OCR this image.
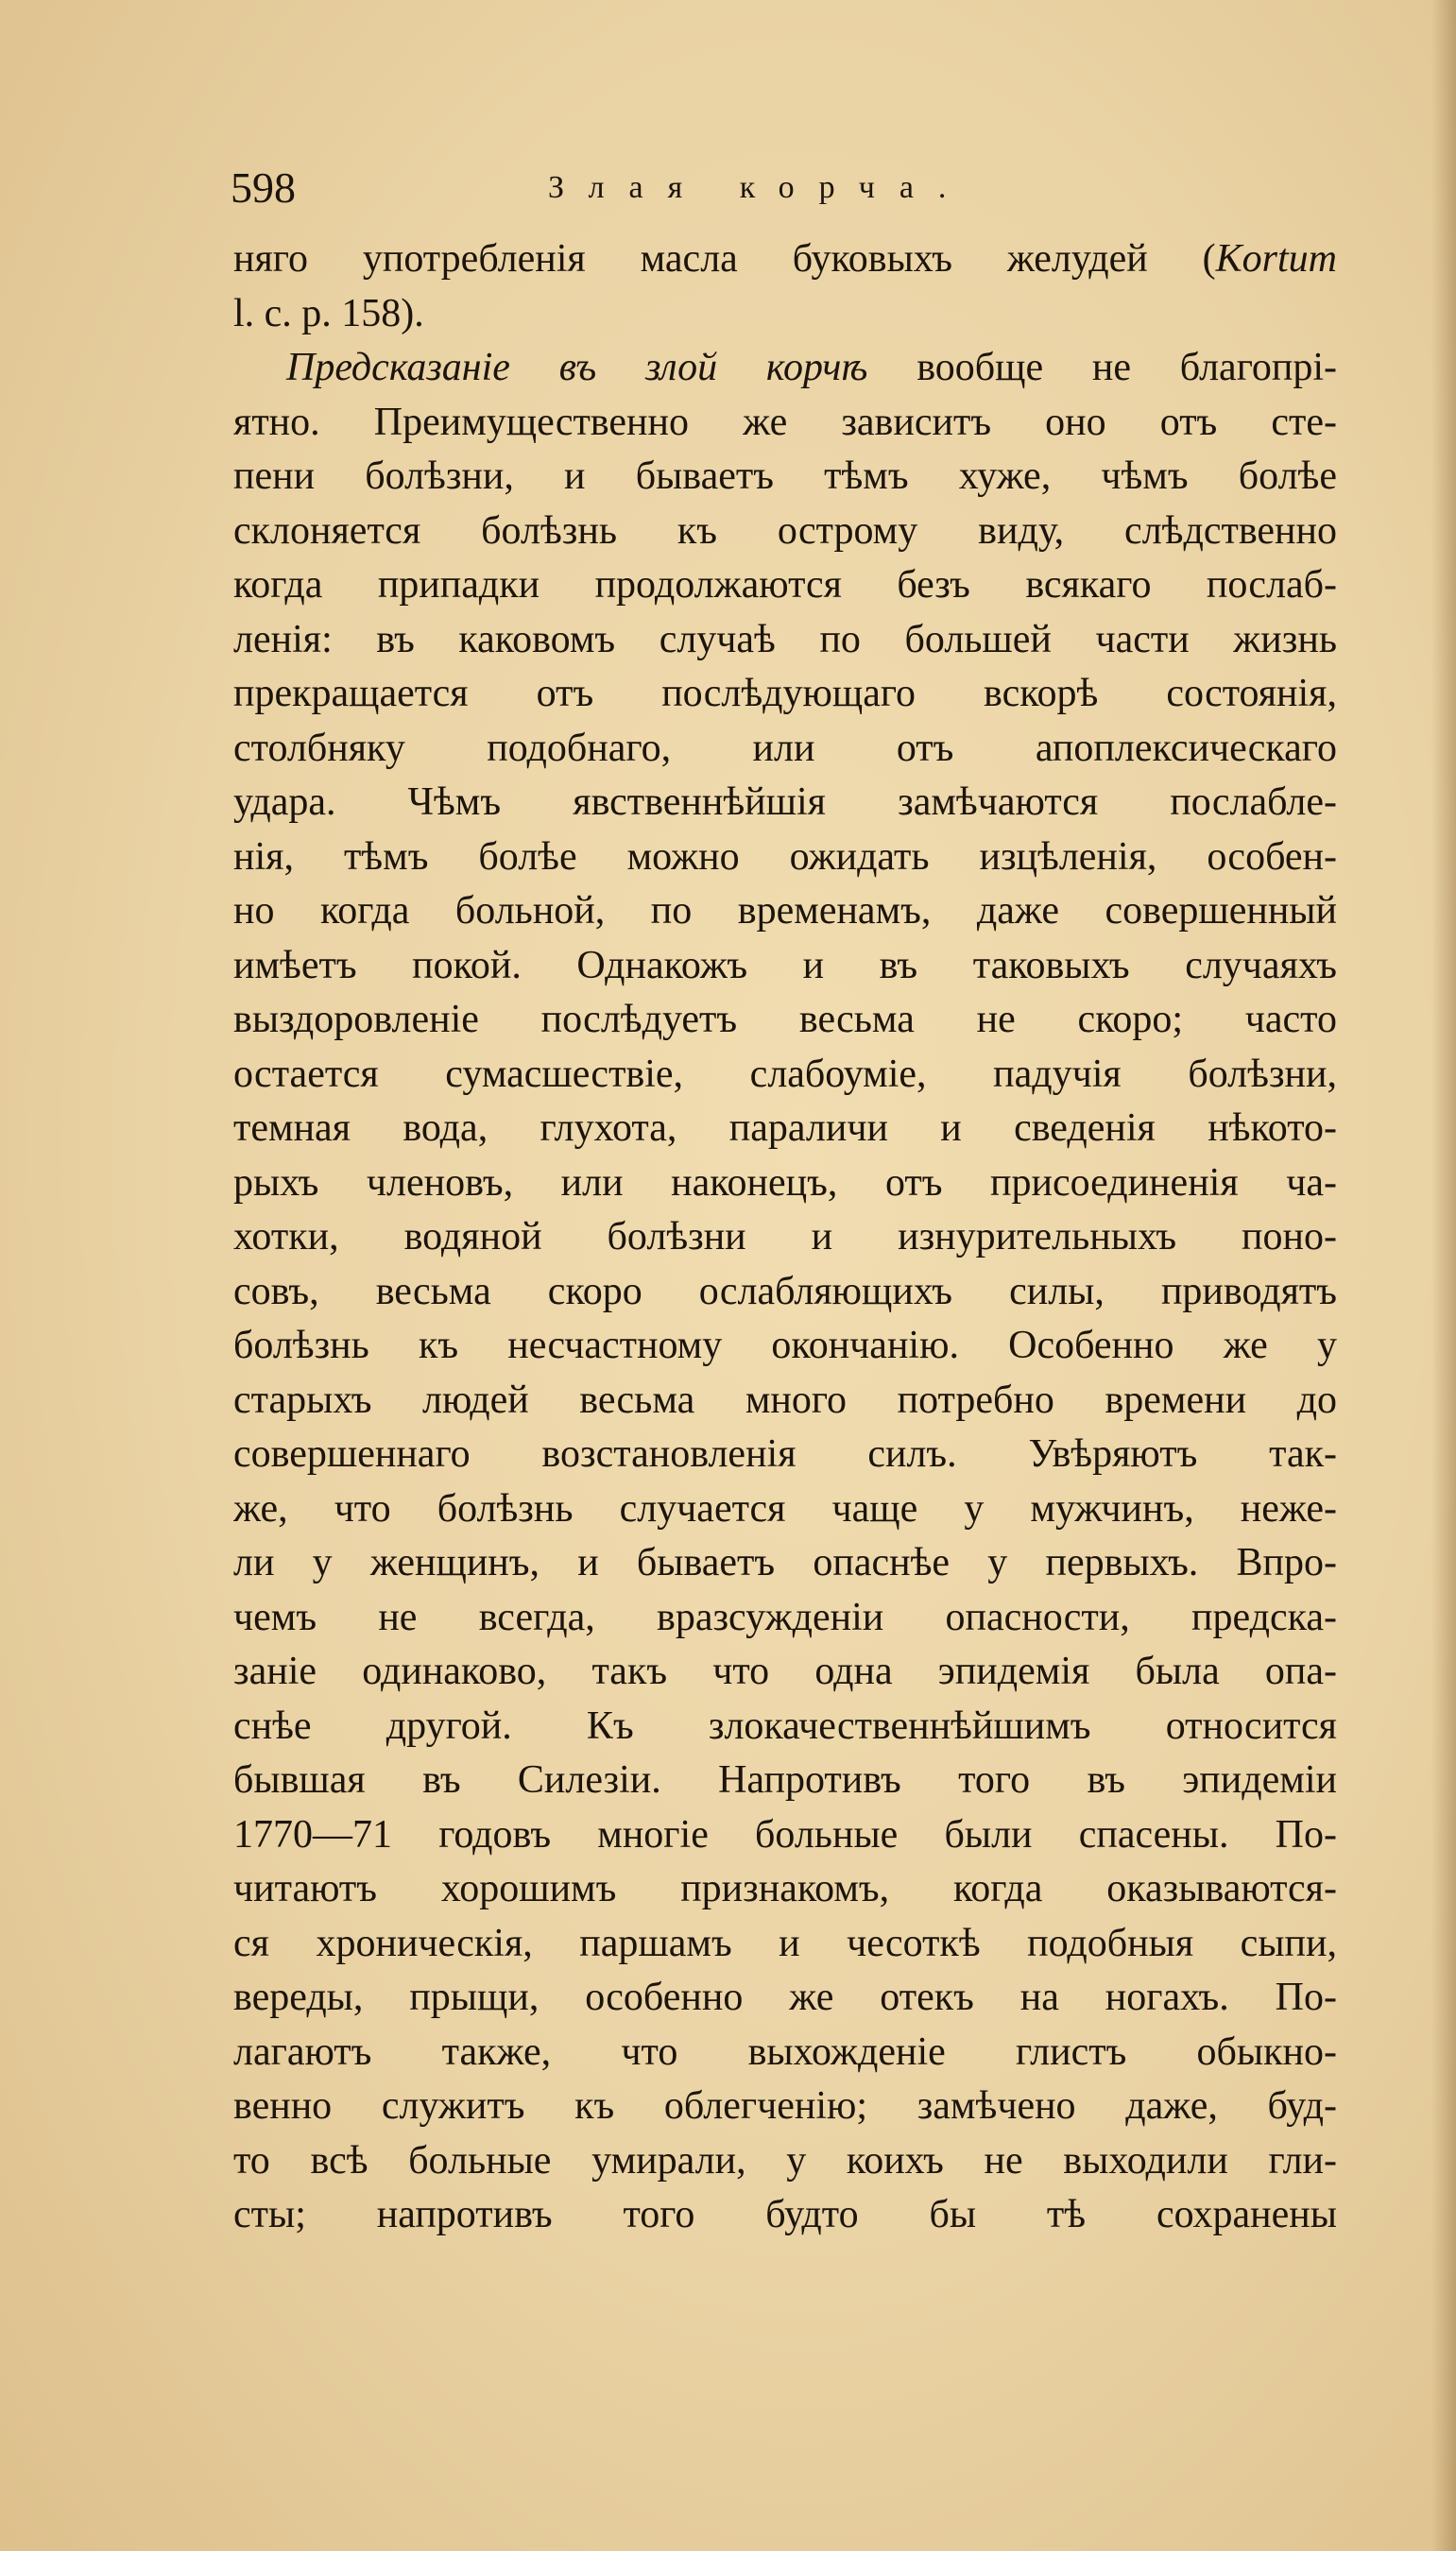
598	Злая корча.
няго употребленія масла буковыхъ желудей (Kortum
l. c. p. 158).
Предсказаніе въ злой корчѣ вообще не благопрі-
ятно. Преимущественно же зависитъ оно отъ сте-
пени болѣзни, и бываетъ тѣмъ хуже, чѣмъ болѣе
склоняется болѣзнь къ острому виду, слѣдственно
когда припадки продолжаются безъ всякаго послаб-
ленія: въ каковомъ случаѣ по большей части жизнь
прекращается отъ послѣдующаго вскорѣ состоянія,
столбняку подобнаго, или отъ апоплексическаго
удара. Чѣмъ явственнѣйшія замѣчаются послабле-
нія, тѣмъ болѣе можно ожидать изцѣленія, особен-
но когда больной, по временамъ, даже совершенный
имѣетъ покой. Однакожъ и въ таковыхъ случаяхъ
выздоровленіе послѣдуетъ весьма не скоро; часто
остается сумасшествіе, слабоуміе, падучія болѣзни,
темная вода, глухота, параличи и сведенія нѣкото-
рыхъ членовъ, или наконецъ, отъ присоединенія ча-
хотки, водяной болѣзни и изнурительныхъ поно-
совъ, весьма скоро ослабляющихъ силы, приводятъ
болѣзнь къ несчастному окончанію. Особенно же у
старыхъ людей весьма много потребно времени до
совершеннаго возстановленія силъ. Увѣряютъ так-
же, что болѣзнь случается чаще у мужчинъ, неже-
ли у женщинъ, и бываетъ опаснѣе у первыхъ. Впро-
чемъ не всегда, вразсужденіи опасности, предска-
заніе одинаково, такъ что одна эпидемія была опа-
снѣе другой. Къ злокачественнѣйшимъ относится
бывшая въ Силезіи. Напротивъ того въ эпидеміи
1770—71 годовъ многіе больные были спасены. По-
читаютъ хорошимъ признакомъ, когда оказываются-
ся хроническія, паршамъ и чесоткѣ подобныя сыпи,
вереды, прыщи, особенно же отекъ на ногахъ. По-
лагаютъ также, что выхожденіе глистъ обыкно-
венно служитъ къ облегченію; замѣчено даже, буд-
то всѣ больные умирали, у коихъ не выходили гли-
сты; напротивъ того будто бы тѣ сохранены
